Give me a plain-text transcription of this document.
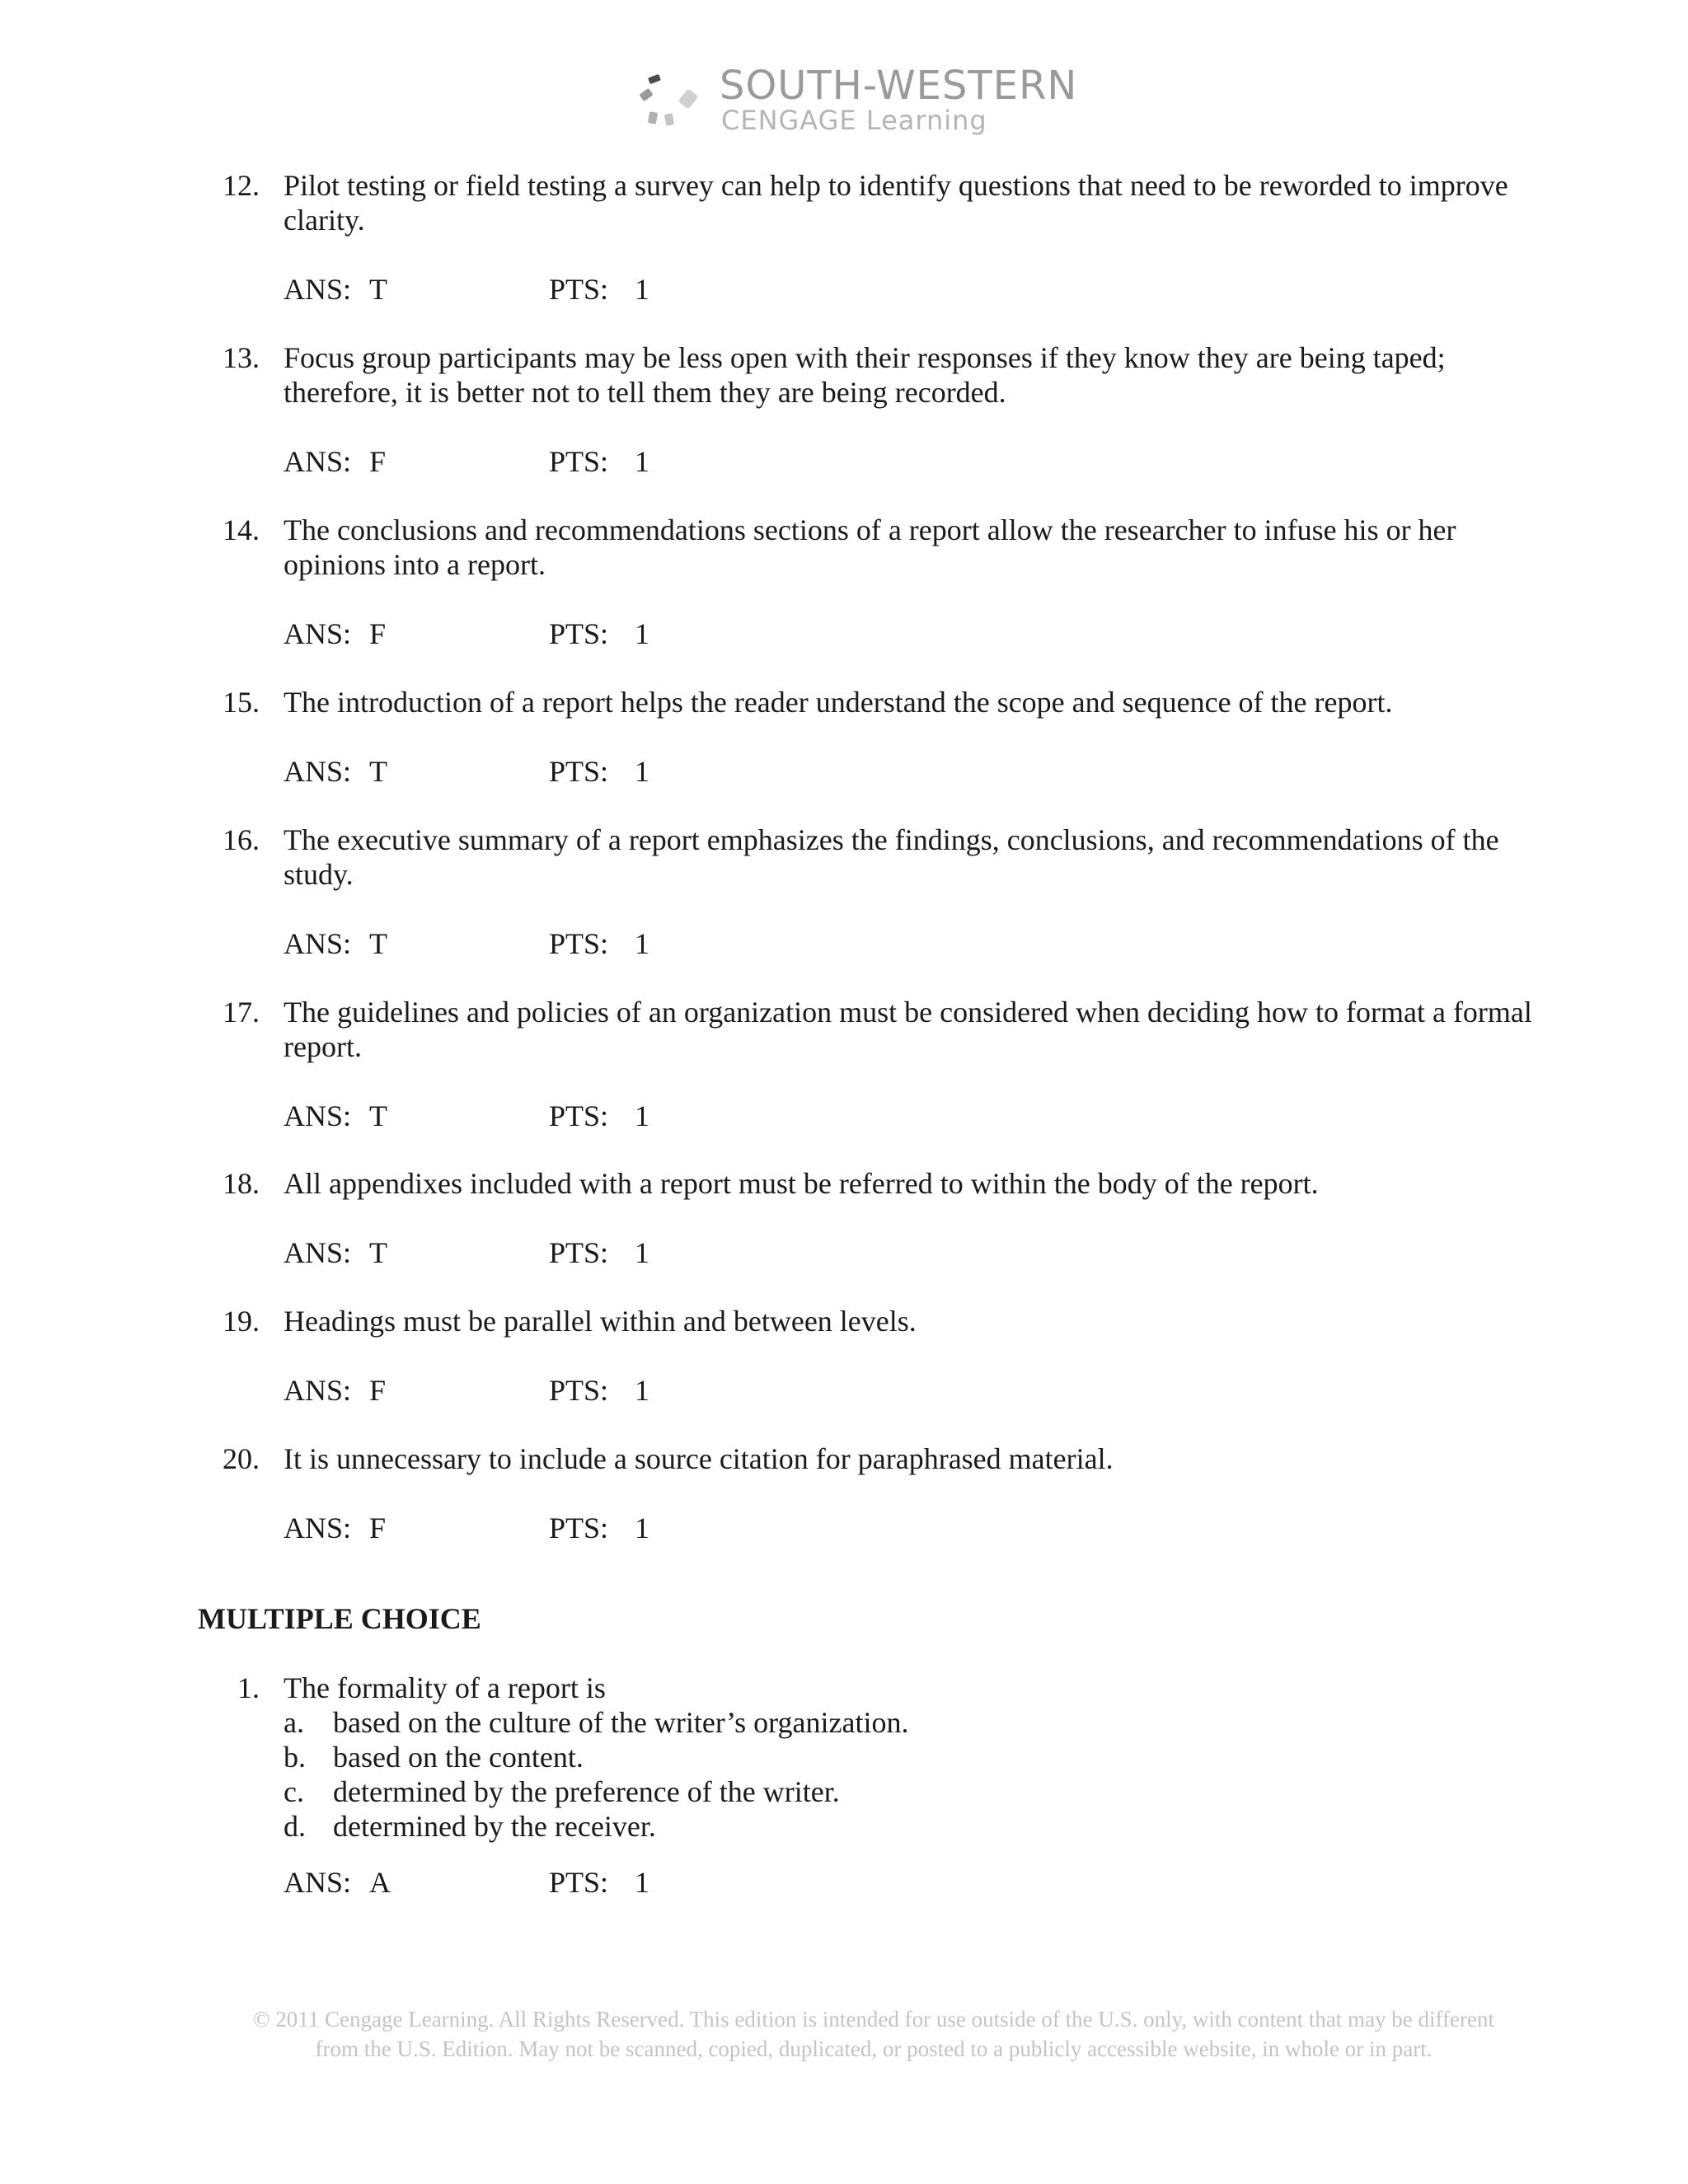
SOUTH-WESTERN
CENGAGE Learning
12. Pilot testing or field testing a survey can help to identify questions that need to be reworded to improve clarity.
ANS: T	PTS: 1
13. Focus group participants may be less open with their responses if they know they are being taped; therefore, it is better not to tell them they are being recorded.
ANS: F	PTS: 1
14. The conclusions and recommendations sections of a report allow the researcher to infuse his or her opinions into a report.
ANS: F	PTS: 1
15. The introduction of a report helps the reader understand the scope and sequence of the report.
ANS: T	PTS: 1
16. The executive summary of a report emphasizes the findings, conclusions, and recommendations of the study.
ANS: T	PTS: 1
17. The guidelines and policies of an organization must be considered when deciding how to format a formal report.
ANS: T	PTS: 1
18. All appendixes included with a report must be referred to within the body of the report.
ANS: T	PTS: 1
19. Headings must be parallel within and between levels.
ANS: F	PTS: 1
20. It is unnecessary to include a source citation for paraphrased material.
ANS: F	PTS: 1
MULTIPLE CHOICE
1. The formality of a report is
a. based on the culture of the writer’s organization.
b. based on the content.
c. determined by the preference of the writer.
d. determined by the receiver.
ANS: A	PTS: 1
© 2011 Cengage Learning. All Rights Reserved. This edition is intended for use outside of the U.S. only, with content that may be different
from the U.S. Edition. May not be scanned, copied, duplicated, or posted to a publicly accessible website, in whole or in part.
